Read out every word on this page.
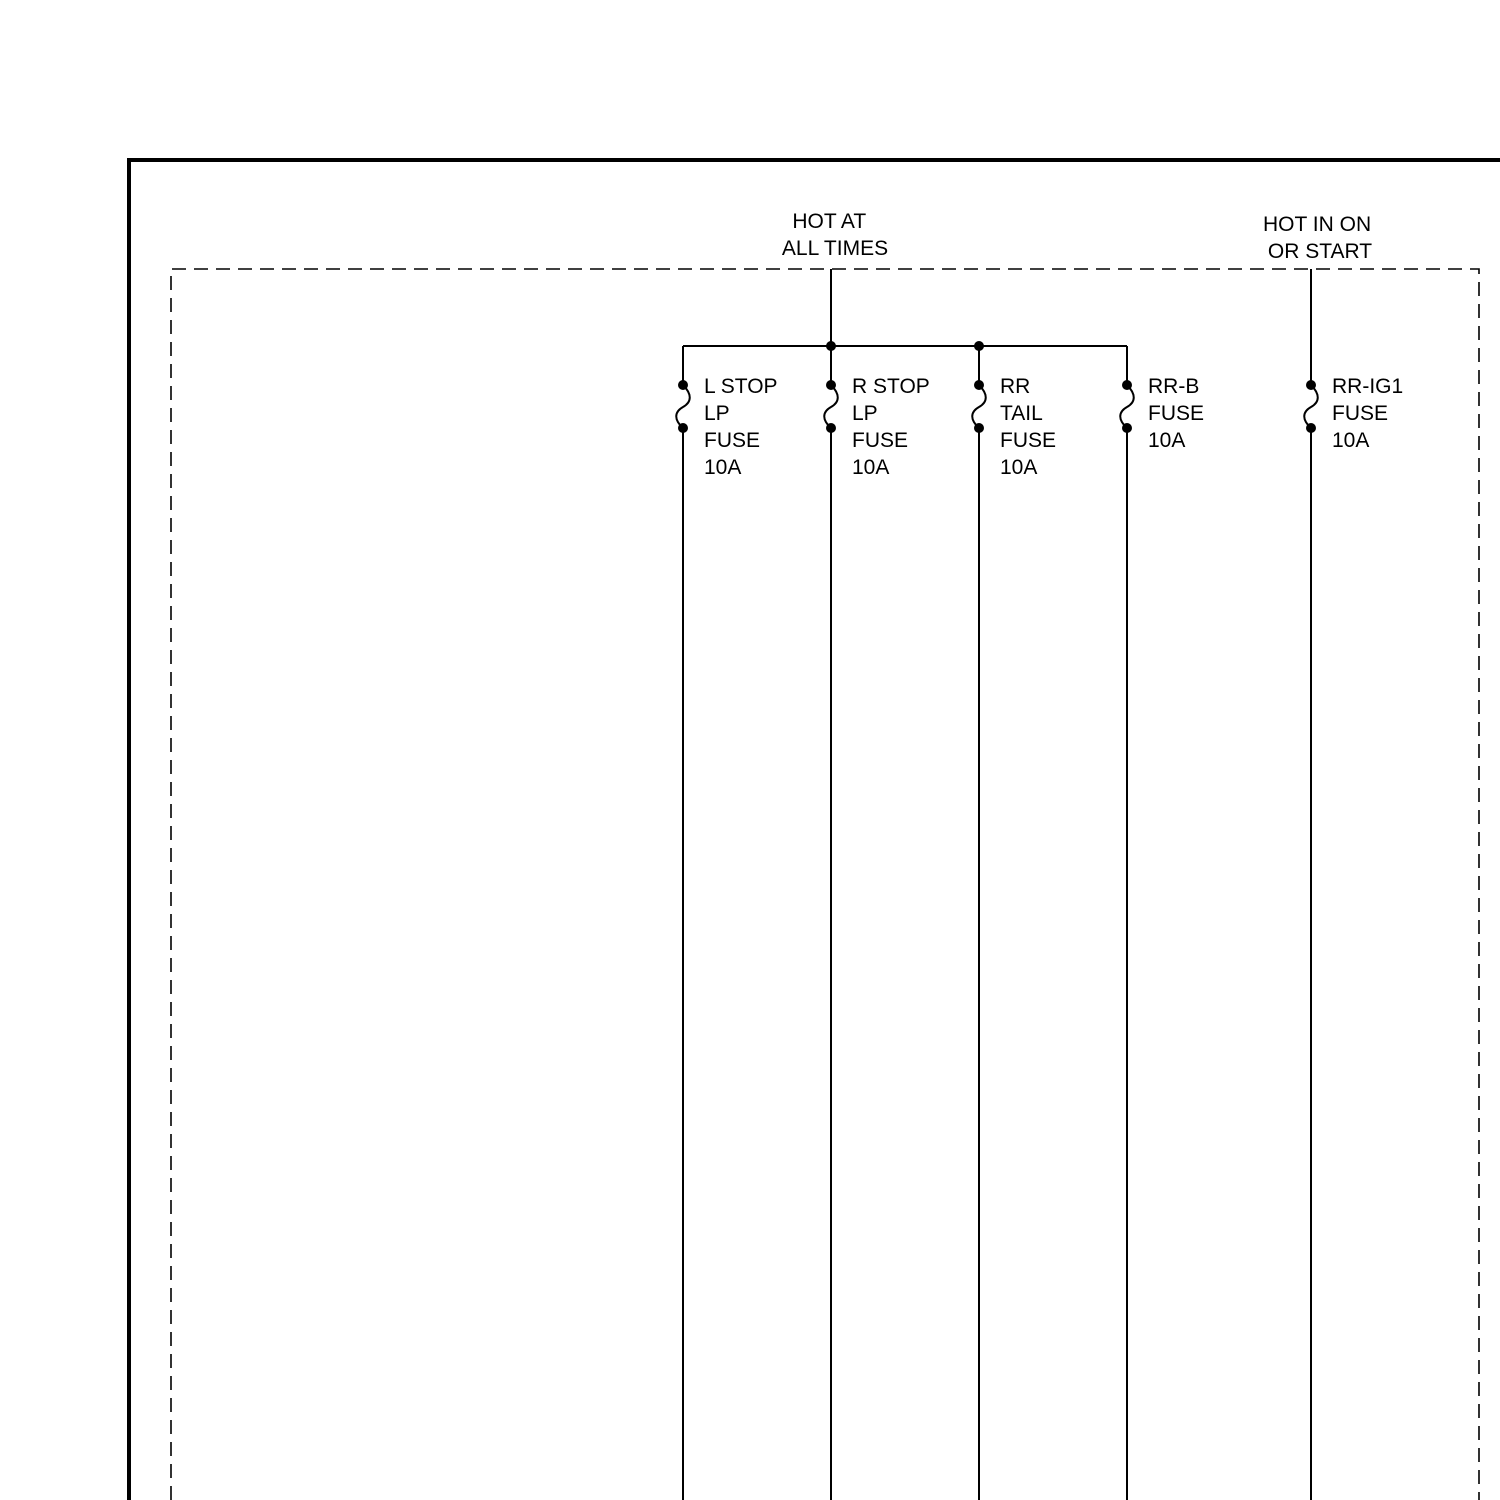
HOT AT ALL TIMES
HOT IN ON OR START
L STOP LP FUSE 10A
R STOP LP FUSE 10A
RR TAIL FUSE 10A
RR-B FUSE 10A
RR-IG1 FUSE 10A
